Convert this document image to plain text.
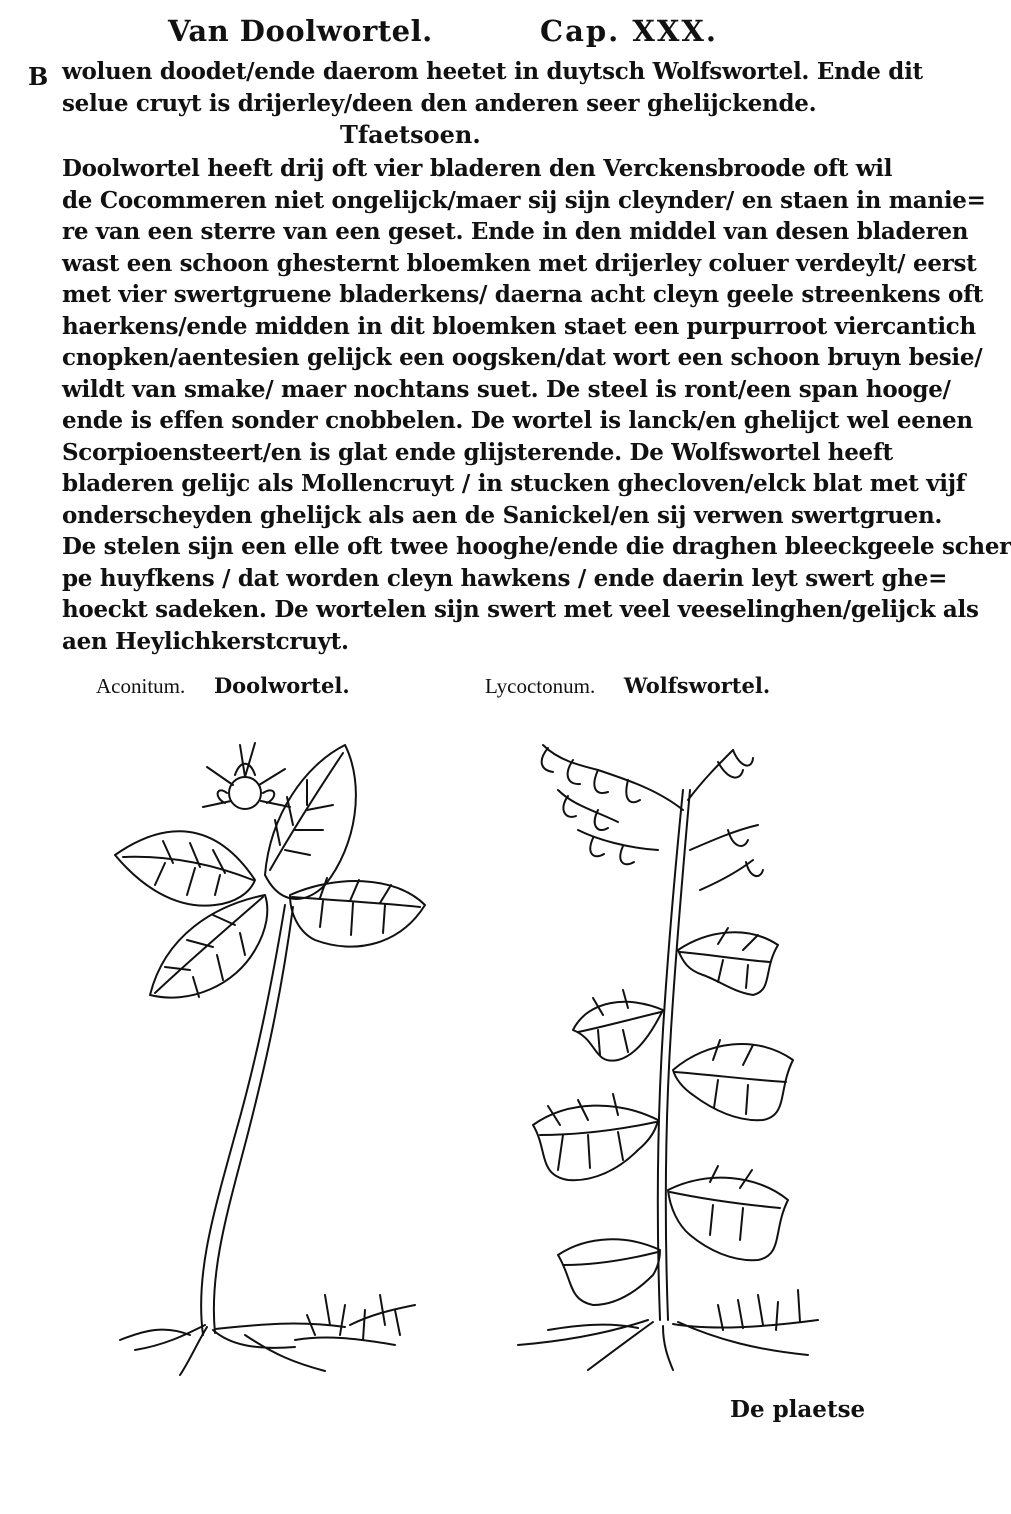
Van Doolwortel.	Cap. XXX.
B woluen doodet/ende daerom heetet in duytsch Wolfswortel. Ende dit
selue cruyt is drijerley/deen den anderen seer ghelijckende.
Tfaetsoen.
Doolwortel heeft drij oft vier bladeren den Verckensbroode oft wil
de Cocommeren niet ongelijck/maer sij sijn cleynder/ en staen in manie=
re van een sterre van een geset. Ende in den middel van desen bladeren
wast een schoon ghesternt bloemken met drijerley coluer verdeylt/ eerst
met vier swertgruene bladerkens/ daerna acht cleyn geele streenkens oft
haerkens/ende midden in dit bloemken staet een purpurroot viercantich
cnopken/aentesien gelijck een oogsken/dat wort een schoon bruyn besie/
wildt van smake/ maer nochtans suet. De steel is ront/een span hooge/
ende is effen sonder cnobbelen. De wortel is lanck/en ghelijct wel eenen
Scorpioensteert/en is glat ende glijsterende. De Wolfswortel heeft
bladeren gelijc als Mollencruyt / in stucken ghecloven/elck blat met vijf
onderscheyden ghelijck als aen de Sanickel/en sij verwen swertgruen.
De stelen sijn een elle oft twee hooghe/ende die draghen bleeckgeele scher
pe huyfkens / dat worden cleyn hawkens / ende daerin leyt swert ghe=
hoeckt sadeken. De wortelen sijn swert met veel veeselinghen/gelijck als
aen Heylichkerstcruyt.
Aconitum. Doolwortel.	Lycoctonum. Wolfswortel.
De plaetse
